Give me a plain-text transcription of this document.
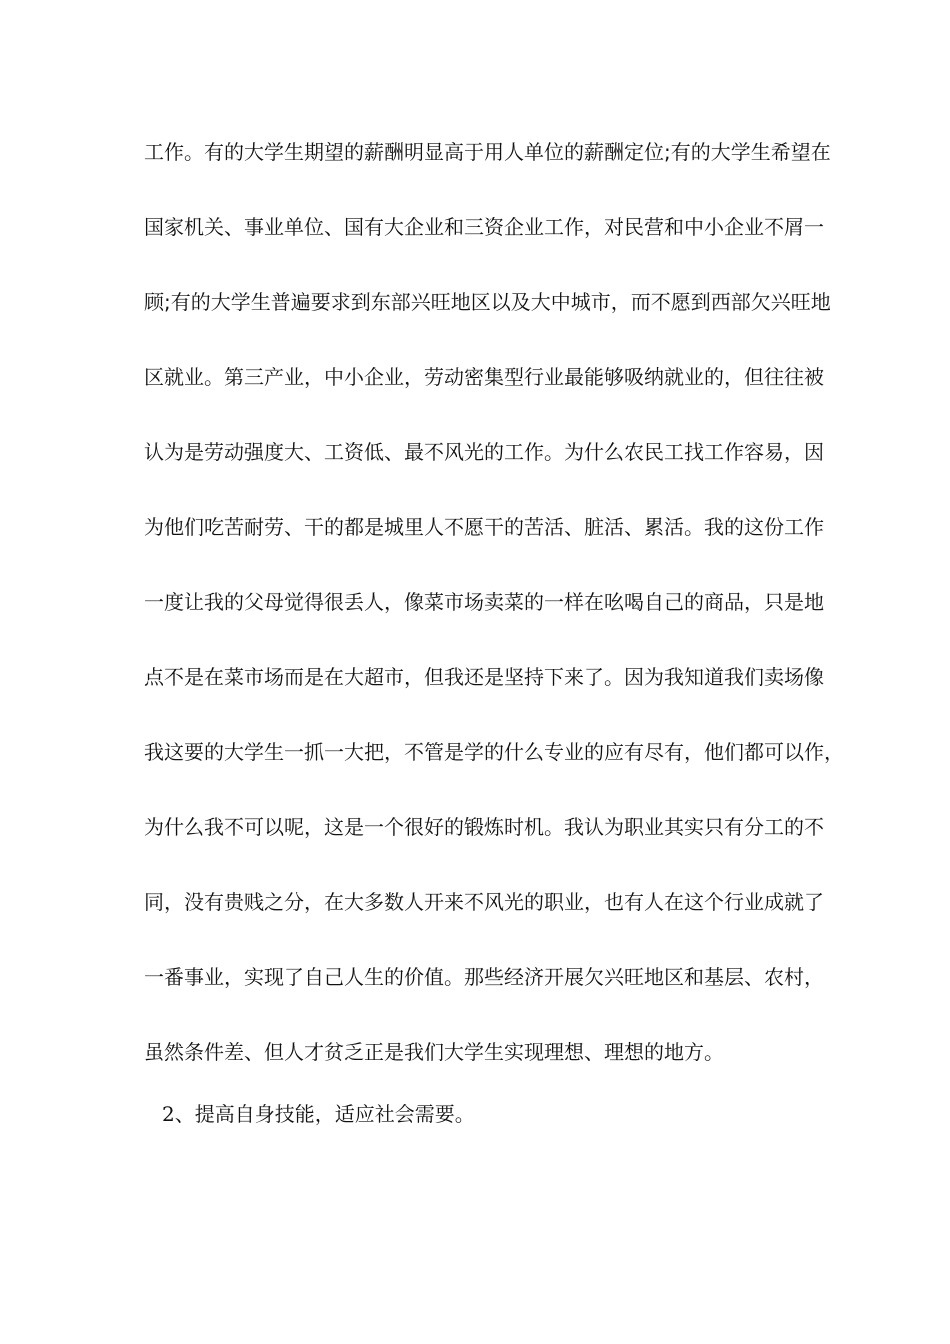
工作。有的大学生期望的薪酬明显高于用人单位的薪酬定位;有的大学生希望在
国家机关、事业单位、国有大企业和三资企业工作，对民营和中小企业不屑一
顾;有的大学生普遍要求到东部兴旺地区以及大中城市，而不愿到西部欠兴旺地
区就业。第三产业，中小企业，劳动密集型行业最能够吸纳就业的，但往往被
认为是劳动强度大、工资低、最不风光的工作。为什么农民工找工作容易，因
为他们吃苦耐劳、干的都是城里人不愿干的苦活、脏活、累活。我的这份工作
一度让我的父母觉得很丢人，像菜市场卖菜的一样在吆喝自己的商品，只是地
点不是在菜市场而是在大超市，但我还是坚持下来了。因为我知道我们卖场像
我这要的大学生一抓一大把，不管是学的什么专业的应有尽有，他们都可以作，
为什么我不可以呢，这是一个很好的锻炼时机。我认为职业其实只有分工的不
同，没有贵贱之分，在大多数人开来不风光的职业，也有人在这个行业成就了
一番事业，实现了自己人生的价值。那些经济开展欠兴旺地区和基层、农村，
虽然条件差、但人才贫乏正是我们大学生实现理想、理想的地方。
2、提高自身技能，适应社会需要。
